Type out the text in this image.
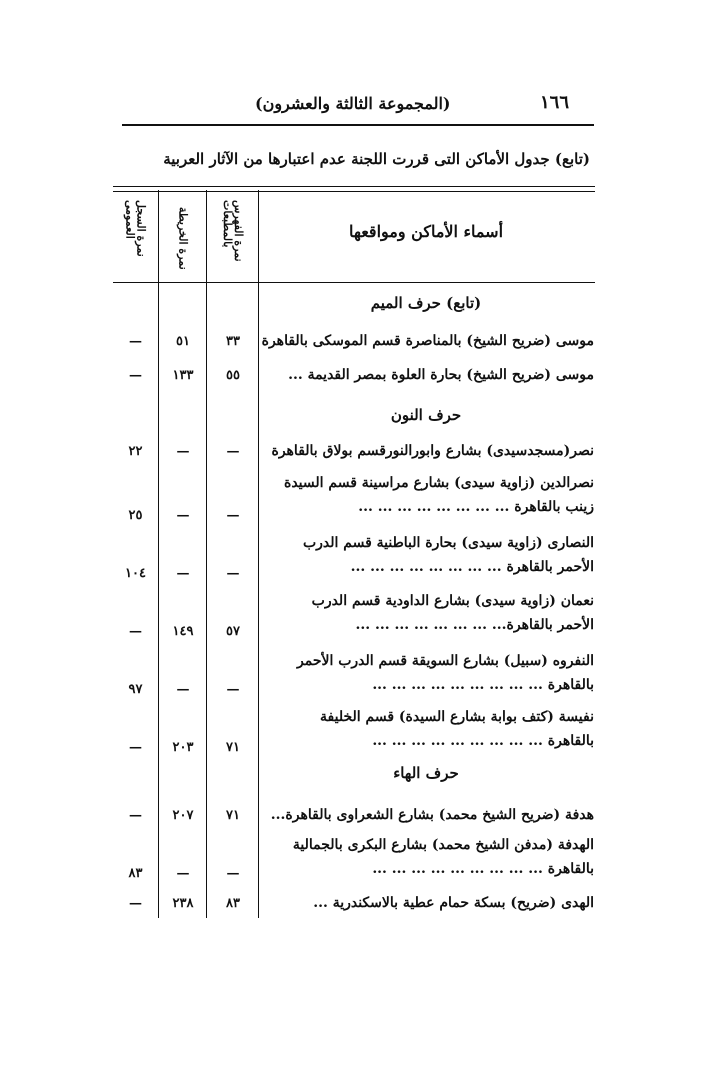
(المجموعة الثالثة والعشرون)	١٦٦
(تابع) جدول الأماكن التى قررت اللجنة عدم اعتبارها من الآثار العربية
أسماء الأماكن ومواقعها
نمرة الفهرس بالمطبعات
نمرة الخريطة
نمرة السجل العمومى
(تابع) حرف الميم
حرف النون
حرف الهاء
موسى (ضريح الشيخ) بالمناصرة قسم الموسكى بالقاهرة
٣٣
٥١
—
موسى (ضريح الشيخ) بحارة العلوة بمصر القديمة ...
٥٥
١٣٣
—
نصر(مسجدسيدى) بشارع وابورالنورقسم بولاق بالقاهرة
—
—
٢٢
نصرالدين (زاوية سيدى) بشارع مراسينة قسم السيدة
زينب بالقاهرة ... ... ... ... ... ... ... ...
—
—
٢٥
النصارى (زاوية سيدى) بحارة الباطنية قسم الدرب
الأحمر بالقاهرة ... ... ... ... ... ... ... ...
—
—
١٠٤
نعمان (زاوية سيدى) بشارع الداودية قسم الدرب
الأحمر بالقاهرة... ... ... ... ... ... ... ...
٥٧
١٤٩
—
النفروه (سبيل) بشارع السويقة قسم الدرب الأحمر
بالقاهرة ... ... ... ... ... ... ... ... ...
—
—
٩٧
نفيسة (كتف بوابة بشارع السيدة) قسم الخليفة
بالقاهرة ... ... ... ... ... ... ... ... ...
٧١
٢٠٣
—
هدفة (ضريح الشيخ محمد) بشارع الشعراوى بالقاهرة...
٧١
٢٠٧
—
الهدفة (مدفن الشيخ محمد) بشارع البكرى بالجمالية
بالقاهرة ... ... ... ... ... ... ... ... ...
—
—
٨٣
الهدى (ضريح) بسكة حمام عطية بالاسكندرية ...
٨٣
٢٣٨
—
